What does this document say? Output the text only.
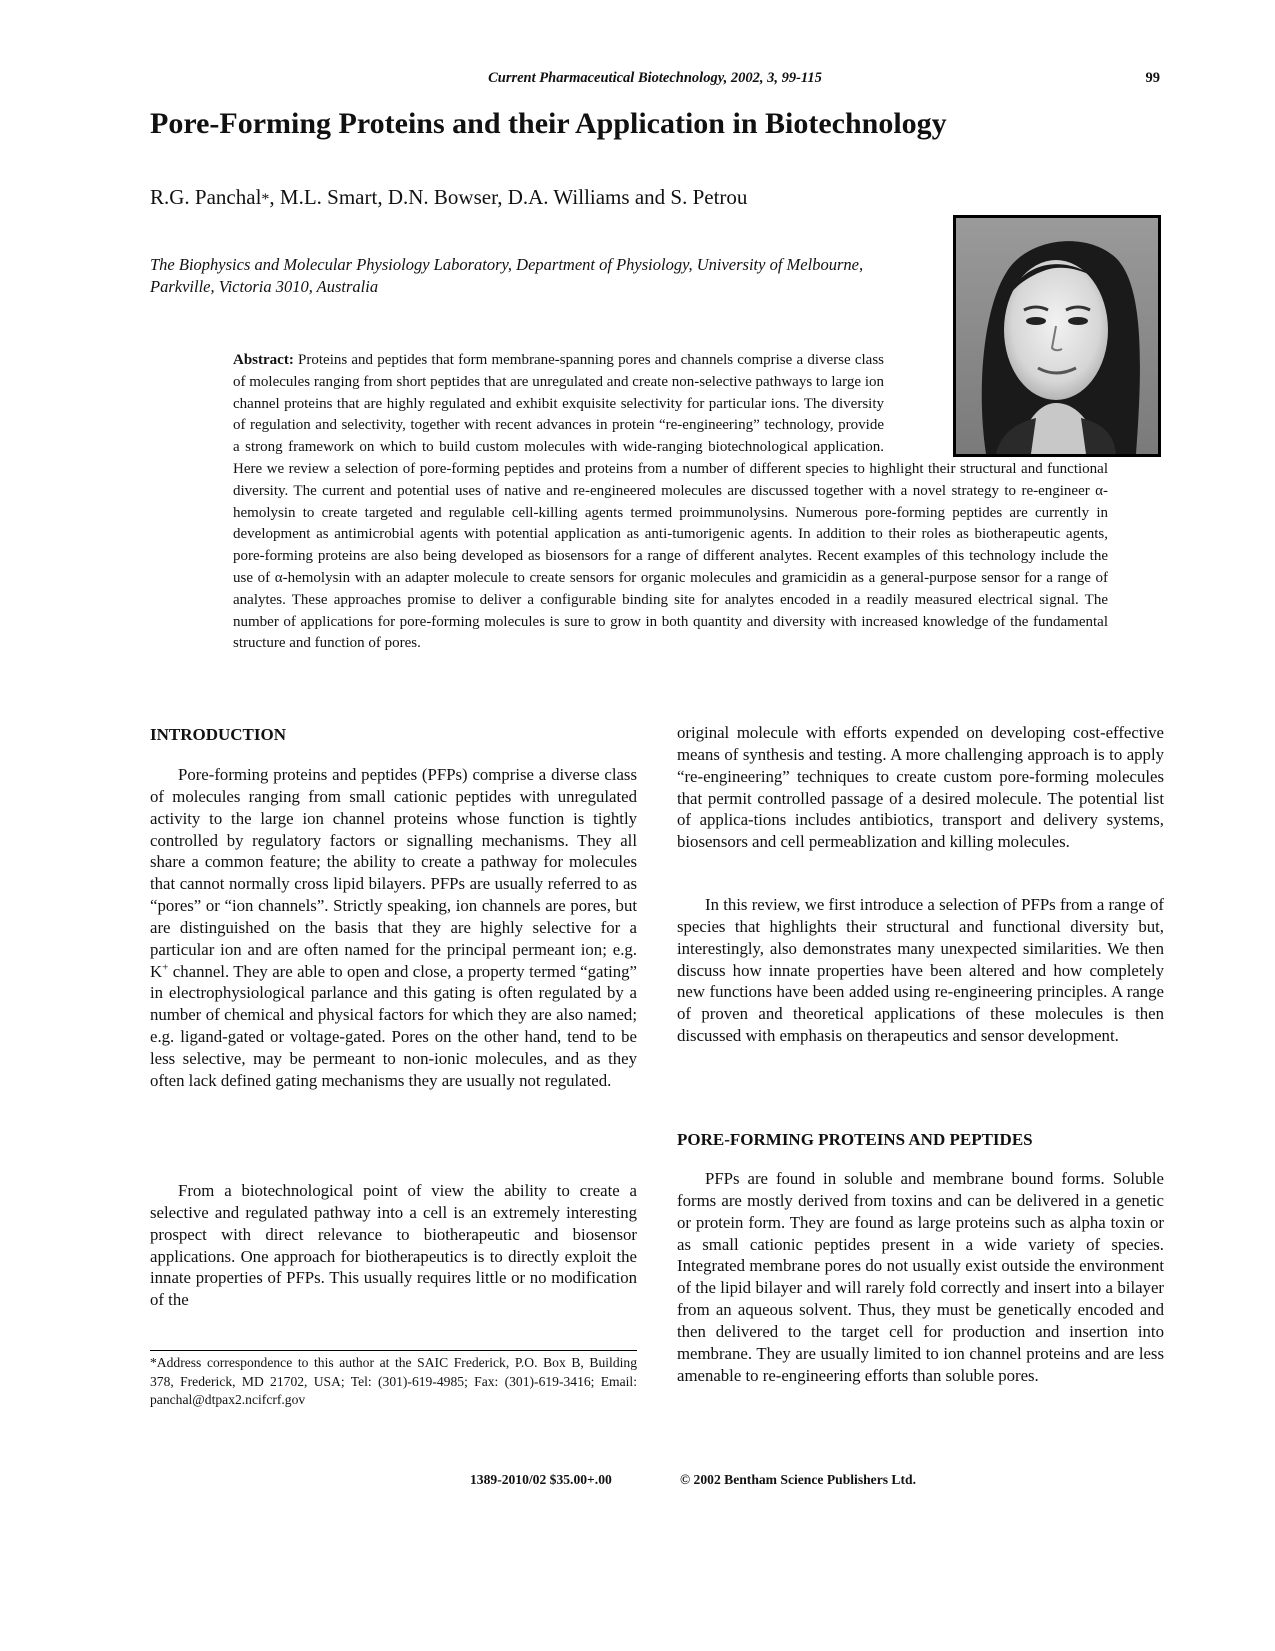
Current Pharmaceutical Biotechnology, 2002, 3, 99-115	99
Pore-Forming Proteins and their Application in Biotechnology
R.G. Panchal*, M.L. Smart, D.N. Bowser, D.A. Williams and S. Petrou
The Biophysics and Molecular Physiology Laboratory, Department of Physiology, University of Melbourne,
Parkville, Victoria 3010, Australia
Abstract: Proteins and peptides that form membrane-spanning pores and channels comprise a diverse class of molecules ranging from short peptides that are unregulated and create non-selective pathways to large ion channel proteins that are highly regulated and exhibit exquisite selectivity for particular ions. The diversity of regulation and selectivity, together with recent advances in protein “re-engineering” technology, provide a strong framework on which to build custom molecules with wide-ranging biotechnological application. Here we review a selection of pore-forming peptides and proteins from a number of different species to highlight their structural and functional diversity. The current and potential uses of native and re-engineered molecules are discussed together with a novel strategy to re-engineer α-hemolysin to create targeted and regulable cell-killing agents termed proimmunolysins. Numerous pore-forming peptides are currently in development as antimicrobial agents with potential application as anti-tumorigenic agents. In addition to their roles as biotherapeutic agents, pore-forming proteins are also being developed as biosensors for a range of different analytes. Recent examples of this technology include the use of α-hemolysin with an adapter molecule to create sensors for organic molecules and gramicidin as a general-purpose sensor for a range of analytes. These approaches promise to deliver a configurable binding site for analytes encoded in a readily measured electrical signal. The number of applications for pore-forming molecules is sure to grow in both quantity and diversity with increased knowledge of the fundamental structure and function of pores.
INTRODUCTION

Pore-forming proteins and peptides (PFPs) comprise a diverse class of molecules ranging from small cationic peptides with unregulated activity to the large ion channel proteins whose function is tightly controlled by regulatory factors or signalling mechanisms. They all share a common feature; the ability to create a pathway for molecules that cannot normally cross lipid bilayers. PFPs are usually referred to as “pores” or “ion channels”. Strictly speaking, ion channels are pores, but are distinguished on the basis that they are highly selective for a particular ion and are often named for the principal permeant ion; e.g. K+ channel. They are able to open and close, a property termed “gating” in electrophysiological parlance and this gating is often regulated by a number of chemical and physical factors for which they are also named; e.g. ligand-gated or voltage-gated. Pores on the other hand, tend to be less selective, may be permeant to non-ionic molecules, and as they often lack defined gating mechanisms they are usually not regulated.

From a biotechnological point of view the ability to create a selective and regulated pathway into a cell is an extremely interesting prospect with direct relevance to biotherapeutic and biosensor applications. One approach for biotherapeutics is to directly exploit the innate properties of PFPs. This usually requires little or no modification of the

*Address correspondence to this author at the SAIC Frederick, P.O. Box B, Building 378, Frederick, MD 21702, USA; Tel: (301)-619-4985; Fax: (301)-619-3416; Email: panchal@dtpax2.ncifcrf.gov

original molecule with efforts expended on developing cost-effective means of synthesis and testing. A more challenging approach is to apply “re-engineering” techniques to create custom pore-forming molecules that permit controlled passage of a desired molecule. The potential list of applica-tions includes antibiotics, transport and delivery systems, biosensors and cell permeablization and killing molecules.

In this review, we first introduce a selection of PFPs from a range of species that highlights their structural and functional diversity but, interestingly, also demonstrates many unexpected similarities. We then discuss how innate properties have been altered and how completely new functions have been added using re-engineering principles. A range of proven and theoretical applications of these molecules is then discussed with emphasis on therapeutics and sensor development.

PORE-FORMING PROTEINS AND PEPTIDES

PFPs are found in soluble and membrane bound forms. Soluble forms are mostly derived from toxins and can be delivered in a genetic or protein form. They are found as large proteins such as alpha toxin or as small cationic peptides present in a wide variety of species. Integrated membrane pores do not usually exist outside the environment of the lipid bilayer and will rarely fold correctly and insert into a bilayer from an aqueous solvent. Thus, they must be genetically encoded and then delivered to the target cell for production and insertion into membrane. They are usually limited to ion channel proteins and are less amenable to re-engineering efforts than soluble pores.

1389-2010/02 $35.00+.00	© 2002 Bentham Science Publishers Ltd.
